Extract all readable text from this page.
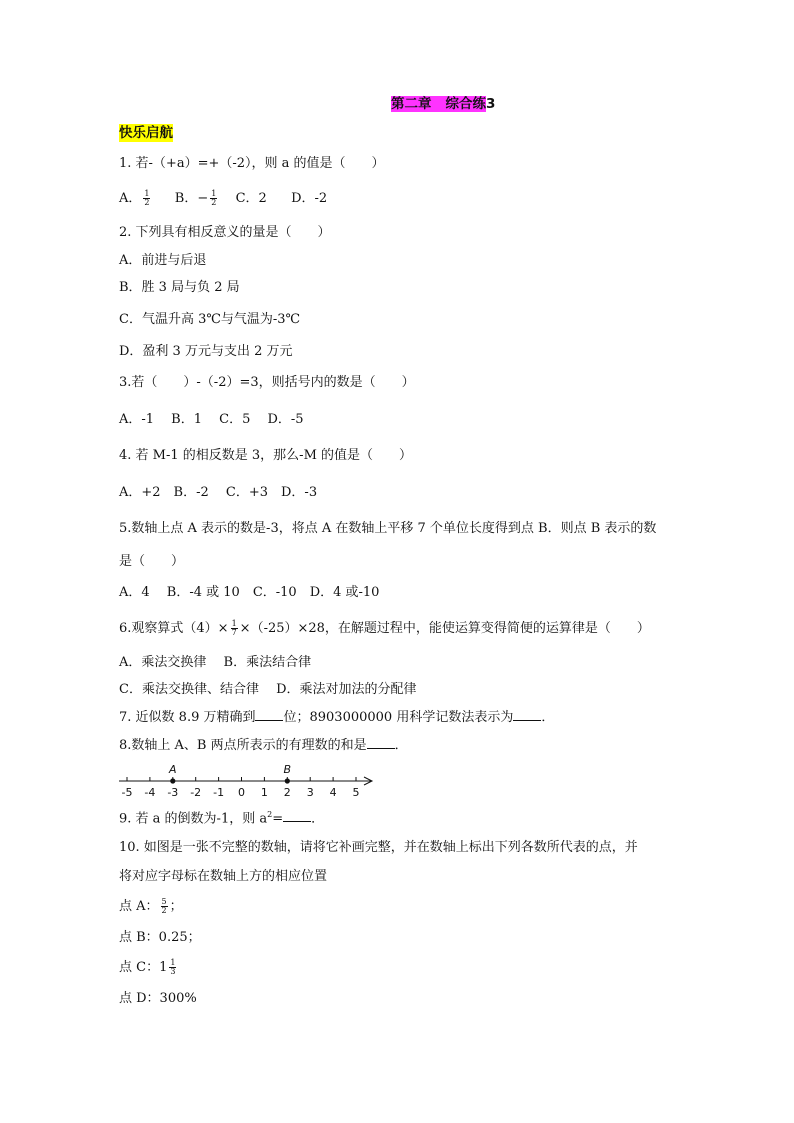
第二章 综合练3
快乐启航
1. 若-（+a）=+（-2），则 a 的值是（　　）
A． $\frac{1}{2}$ B．− $\frac{1}{2}$ C．2 D．-2
2. 下列具有相反意义的量是（　　）
A．前进与后退
B．胜 3 局与负 2 局
C．气温升高 3℃与气温为-3℃
D．盈利 3 万元与支出 2 万元
3.若（　　）-（-2）=3，则括号内的数是（　　）
A．-1　 B．1　 C．5　 D．-5
4. 若 M-1 的相反数是 3，那么-M 的值是（　　）
A．+2　B．-2　 C．+3　D．-3
5.数轴上点 A 表示的数是-3，将点 A 在数轴上平移 7 个单位长度得到点 B．则点 B 表示的数
是（　　）
A．4　 B．-4 或 10　C．-10　D．4 或-10
6.观察算式$(4)\times \frac{1}{7} \times(-25)\times 28$，在解题过程中，能使运算变得简便的运算律是（　　）
A．乘法交换律　 B．乘法结合律
C．乘法交换律、结合律　 D．乘法对加法的分配律
7. 近似数 8.9 万精确到 位；8903000000 用科学记数法表示为 ．
8.数轴上 A、B 两点所表示的有理数的和是 ．
-5 -4 -3 -2 -1 0 1 2 3 4 5
A	B
9. 若 a 的倒数为-1，则 $a^2=$ ．
10. 如图是一张不完整的数轴，请将它补画完整，并在数轴上标出下列各数所代表的点，并
将对应字母标在数轴上方的相应位置
点 A： $\frac{5}{2}$ ；
点 B：0.25；
点 C：$1 \frac{1}{3}$
点 D：300%
